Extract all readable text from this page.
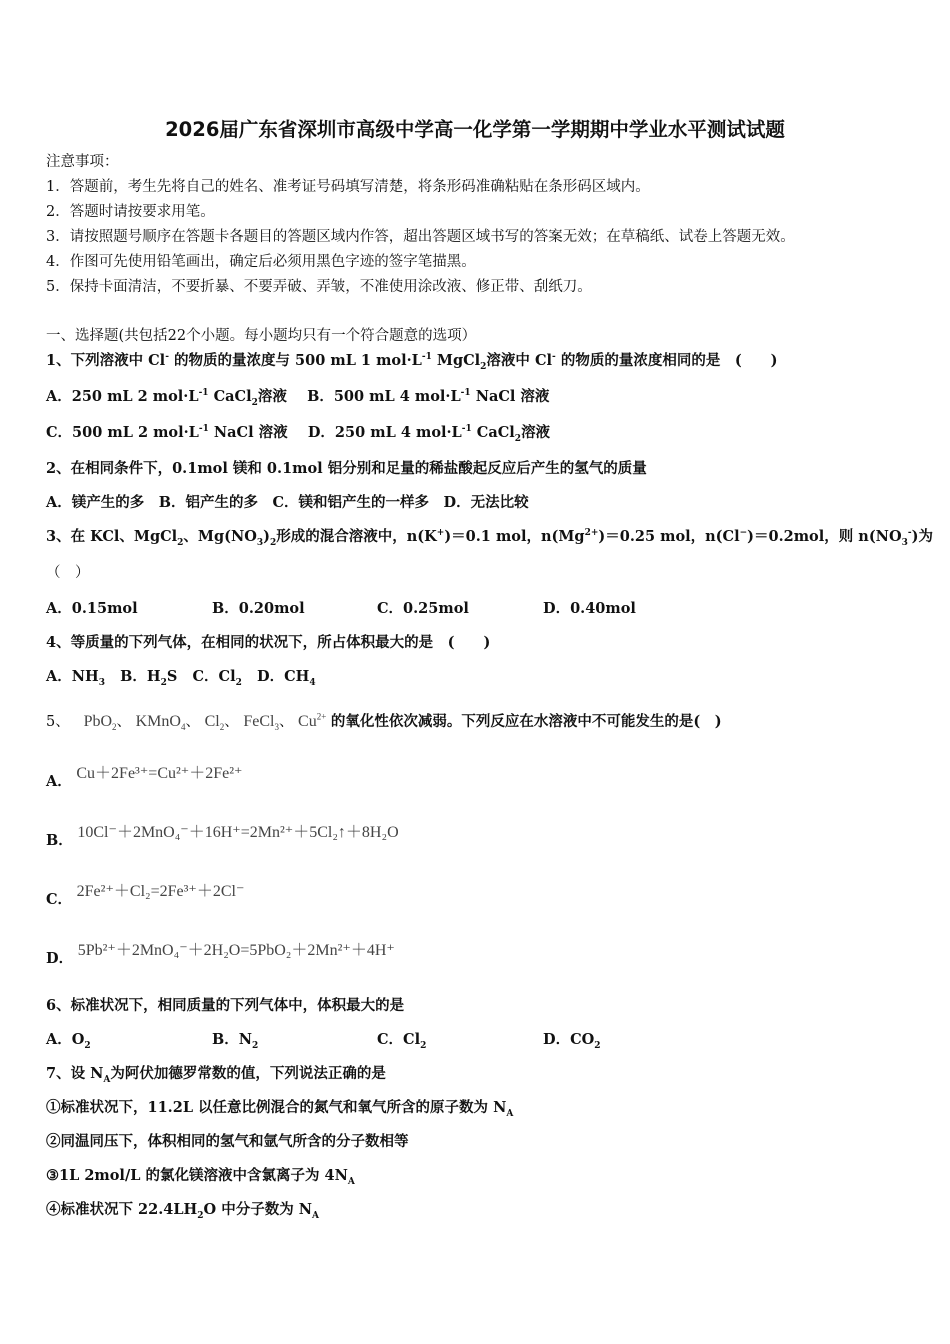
2026届广东省深圳市高级中学高一化学第一学期期中学业水平测试试题
注意事项：
1．答题前，考生先将自己的姓名、准考证号码填写清楚，将条形码准确粘贴在条形码区域内。
2．答题时请按要求用笔。
3．请按照题号顺序在答题卡各题目的答题区域内作答，超出答题区域书写的答案无效；在草稿纸、试卷上答题无效。
4．作图可先使用铅笔画出，确定后必须用黑色字迹的签字笔描黑。
5．保持卡面清洁，不要折暴、不要弄破、弄皱，不准使用涂改液、修正带、刮纸刀。
一、选择题(共包括22个小题。每小题均只有一个符合题意的选项）
1、下列溶液中 Cl- 的物质的量浓度与 500 mL 1 $mol\cdot L^{-1}$ MgCl$_2$溶液中 Cl- 的物质的量浓度相同的是　(　　)
A．250 mL 2 $mol\cdot L^{-1}$ CaCl$_2$溶液 B．500 mL 4 $mol\cdot L^{-1}$ NaCl 溶液
C．500 mL 2 $mol\cdot L^{-1}$ NaCl 溶液 D．250 mL 4 $mol\cdot L^{-1}$ CaCl$_2$溶液
2、在相同条件下，0.1mol 镁和 0.1mol 铝分别和足量的稀盐酸起反应后产生的氢气的质量
A．镁产生的多　B．铝产生的多　C．镁和铝产生的一样多　D．无法比较
3、在 KCl、MgCl$_2$、$Mg(NO_3)_2$形成的混合溶液中，n(K+)＝0.1 mol，$n(Mg^{2+})=0.25$ mol，n(Cl−)＝0.2mol，则 $n(NO_3^-)$为
（　）
A．0.15mol	B．0.20mol	C．0.25mol	D．0.40mol
4、等质量的下列气体，在相同的状况下，所占体积最大的是　(　　)
A．$NH_3$ B．$H_2S$ C．$Cl_2$ D．$CH_4$
5、 PbO$_2$、 KMnO$_4$、 $Cl_2$、 FeCl$_3$、 $Cu^{2+}$ 的氧化性依次减弱。下列反应在水溶液中不可能发生的是(　)
A． Cu＋2Fe³⁺=Cu²⁺＋2Fe²⁺
B． 10Cl⁻＋2MnO₄⁻＋16H⁺=2Mn²⁺＋5Cl₂↑＋8H₂O
C． 2Fe²⁺＋Cl₂=2Fe³⁺＋2Cl⁻
D． 5Pb²⁺＋2MnO₄⁻＋2H₂O=5PbO₂＋2Mn²⁺＋4H⁺
6、标准状况下，相同质量的下列气体中，体积最大的是
A．$O_2$	B．$N_2$	C．$Cl_2$	D．$CO_2$
7、设 $N_A$为阿伏加德罗常数的值，下列说法正确的是
①标准状况下，11.2L 以任意比例混合的氮气和氧气所含的原子数为 $N_A$
②同温同压下，体积相同的氢气和氩气所含的分子数相等
③1L 2mol/L 的氯化镁溶液中含氯离子为 $4N_A$
④标准状况下 $22.4LH_2O$ 中分子数为 $N_A$
